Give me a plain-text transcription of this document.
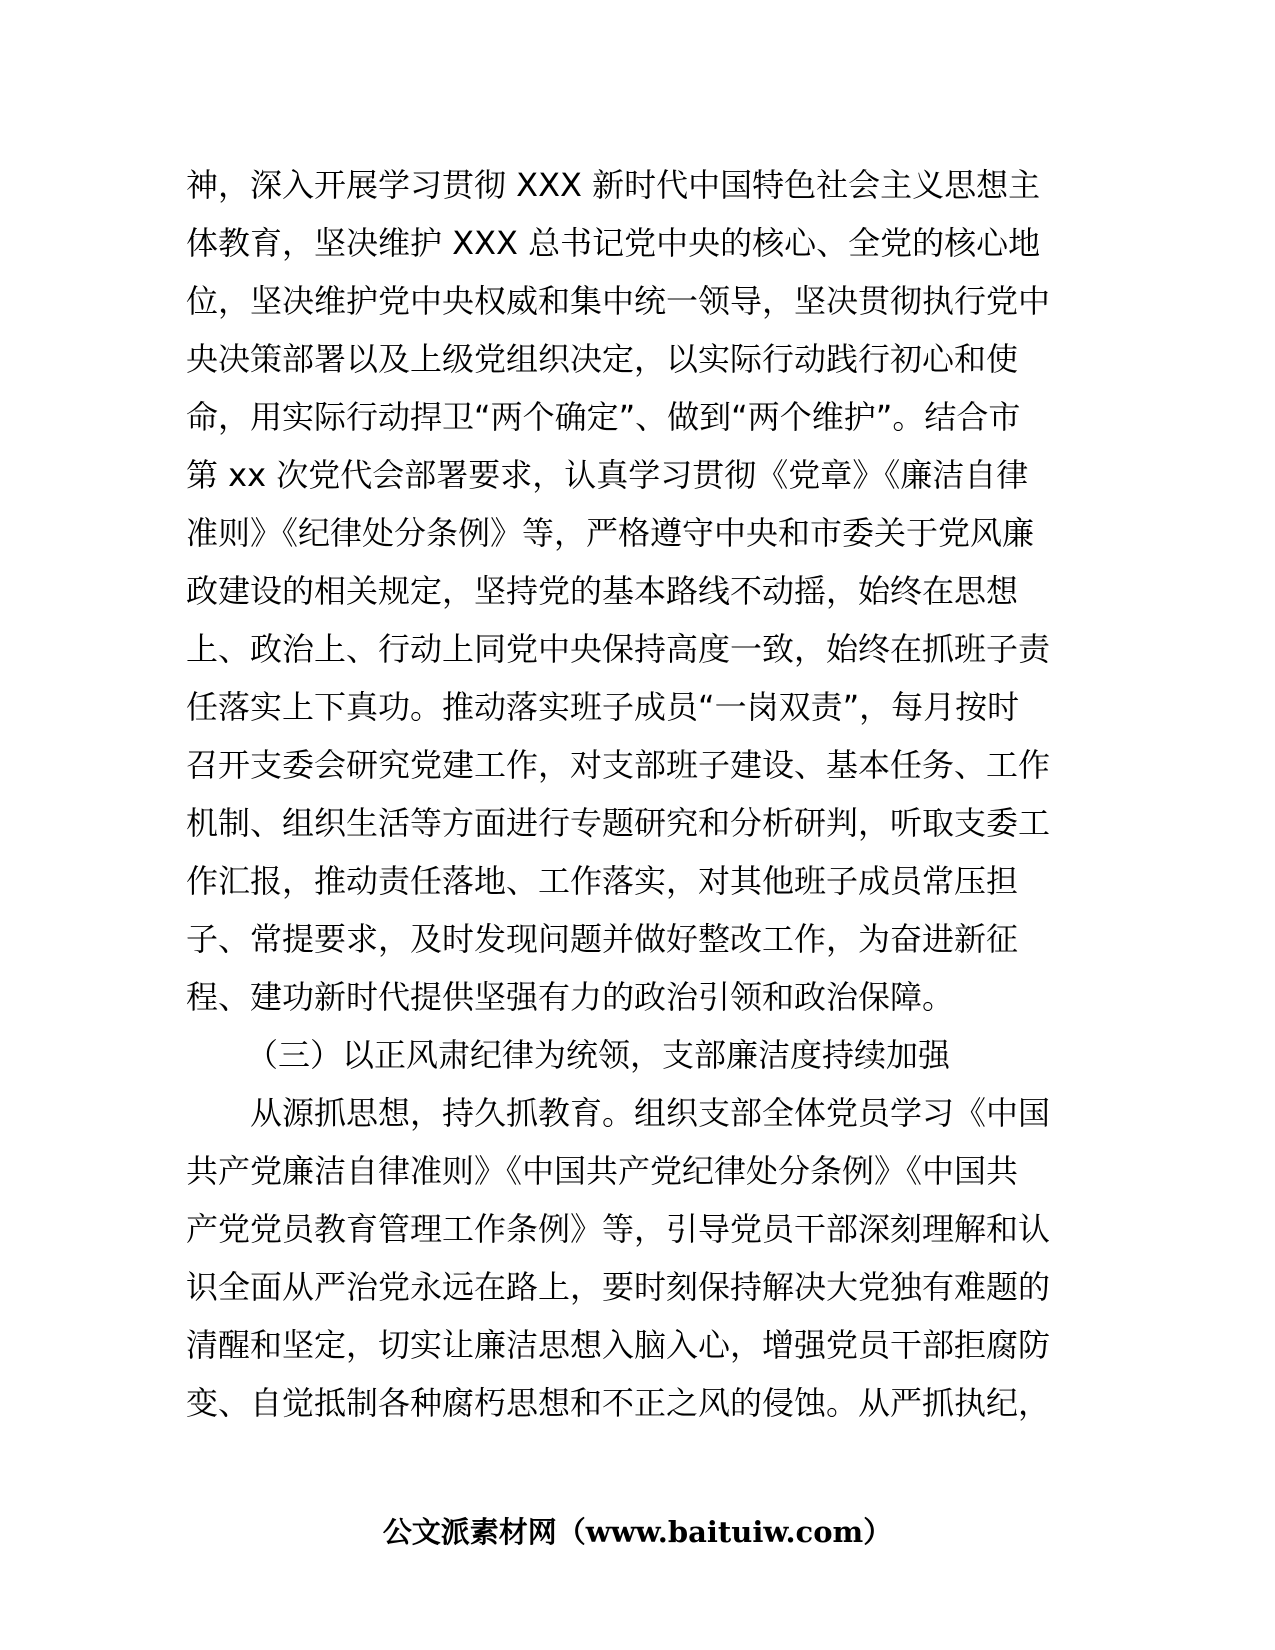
神，深入开展学习贯彻 XXX 新时代中国特色社会主义思想主
体教育，坚决维护 XXX 总书记党中央的核心、全党的核心地
位，坚决维护党中央权威和集中统一领导，坚决贯彻执行党中
央决策部署以及上级党组织决定，以实际行动践行初心和使
命，用实际行动捍卫“两个确定”、做到“两个维护”。结合市
第 xx 次党代会部署要求，认真学习贯彻《党章》《廉洁自律
准则》《纪律处分条例》等，严格遵守中央和市委关于党风廉
政建设的相关规定，坚持党的基本路线不动摇，始终在思想
上、政治上、行动上同党中央保持高度一致，始终在抓班子责
任落实上下真功。推动落实班子成员“一岗双责”，每月按时
召开支委会研究党建工作，对支部班子建设、基本任务、工作
机制、组织生活等方面进行专题研究和分析研判，听取支委工
作汇报，推动责任落地、工作落实，对其他班子成员常压担
子、常提要求，及时发现问题并做好整改工作，为奋进新征
程、建功新时代提供坚强有力的政治引领和政治保障。
（三）以正风肃纪律为统领，支部廉洁度持续加强
从源抓思想，持久抓教育。组织支部全体党员学习《中国
共产党廉洁自律准则》《中国共产党纪律处分条例》《中国共
产党党员教育管理工作条例》等，引导党员干部深刻理解和认
识全面从严治党永远在路上，要时刻保持解决大党独有难题的
清醒和坚定，切实让廉洁思想入脑入心，增强党员干部拒腐防
变、自觉抵制各种腐朽思想和不正之风的侵蚀。从严抓执纪，
公文派素材网（www.baituiw.com）
